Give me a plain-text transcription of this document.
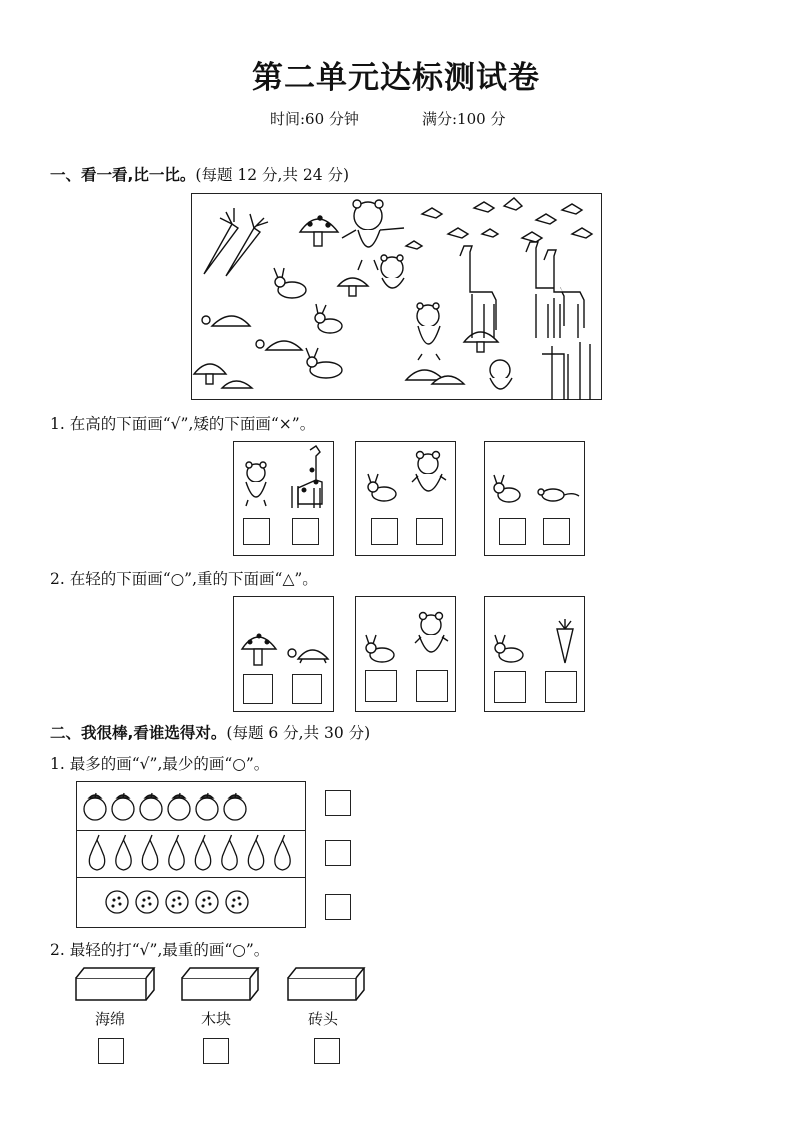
第二单元达标测试卷
时间:60 分钟	满分:100 分
一、看一看,比一比。(每题 12 分,共 24 分)
1. 在高的下面画“√”,矮的下面画“×”。
2. 在轻的下面画“○”,重的下面画“△”。
二、我很棒,看谁选得对。(每题 6 分,共 30 分)
1. 最多的画“√”,最少的画“○”。
2. 最轻的打“√”,最重的画“○”。
海绵	木块	砖头
